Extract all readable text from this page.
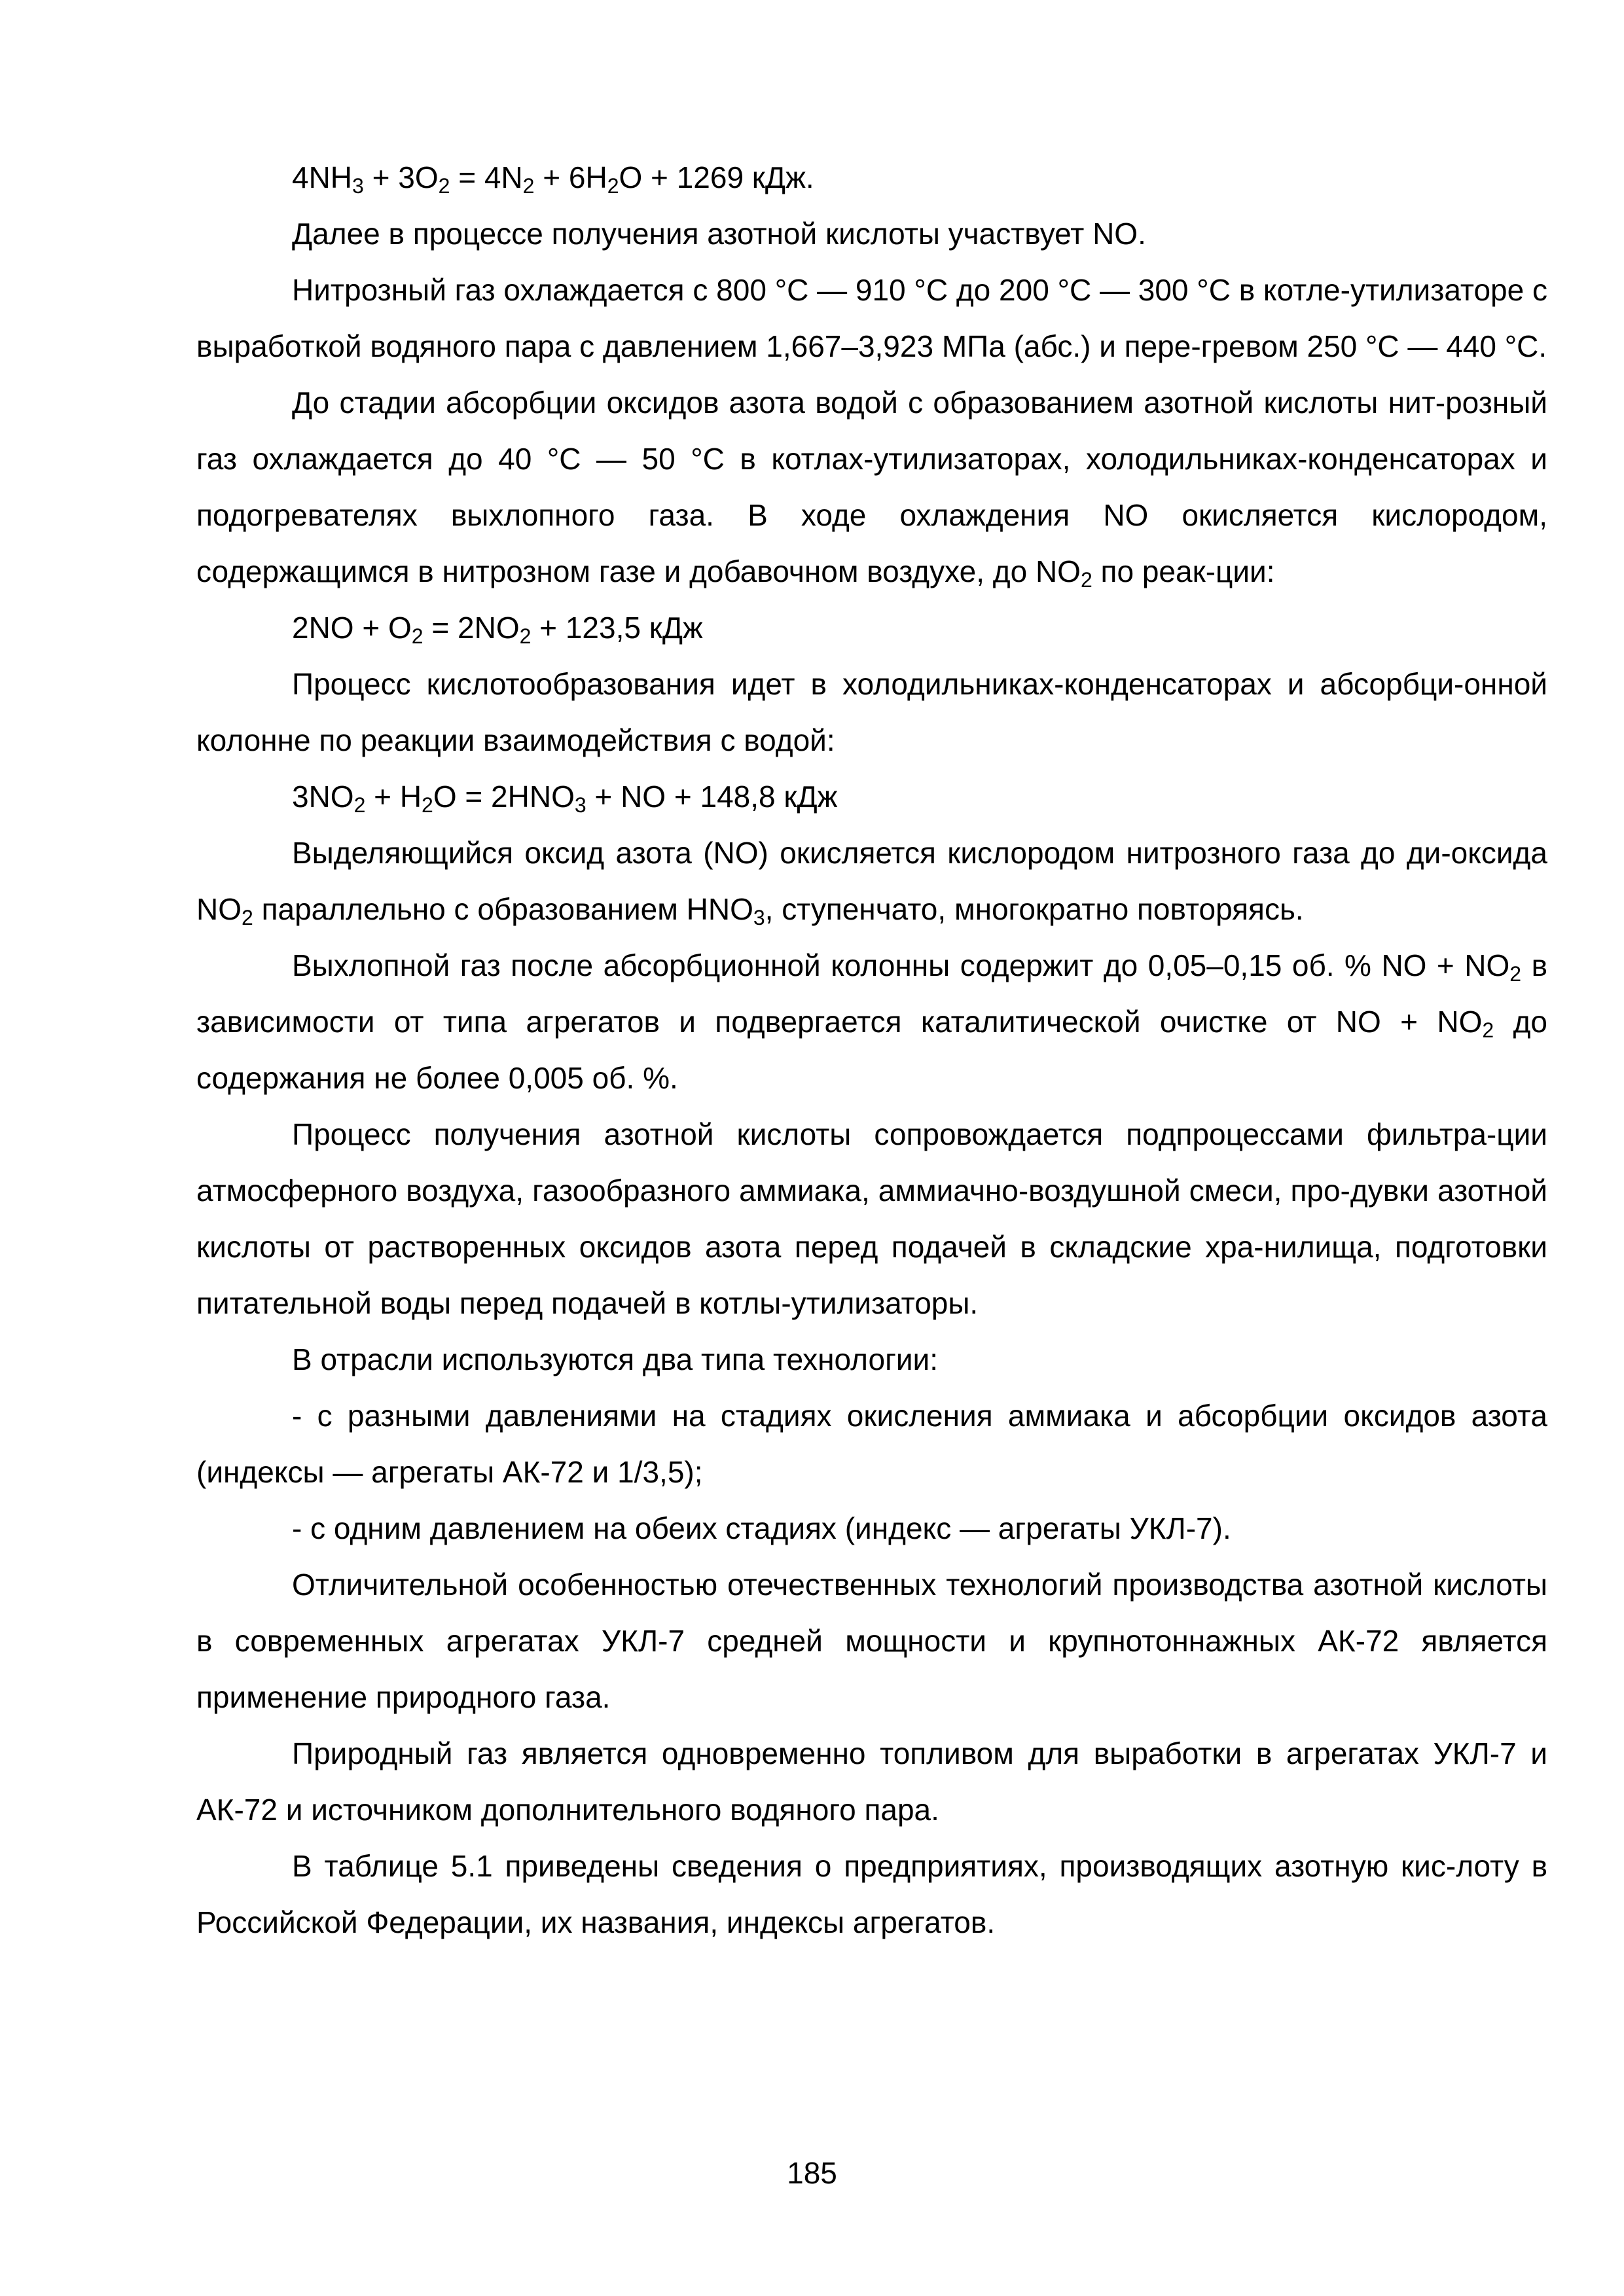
$4NH_3 + 3O_2 = 4N_2 + 6H_2O + 1269$ кДж.

Далее в процессе получения азотной кислоты участвует NO.

Нитрозный газ охлаждается с 800 °С — 910 °С до 200 °С — 300 °С в котле-утилизаторе с выработкой водяного пара с давлением 1,667–3,923 МПа (абс.) и пере-гревом 250 °С — 440 °С.

До стадии абсорбции оксидов азота водой с образованием азотной кислоты нит-розный газ охлаждается до 40 °С — 50 °С в котлах-утилизаторах, холодильниках-конденсаторах и подогревателях выхлопного газа. В ходе охлаждения NO окисляется кислородом, содержащимся в нитрозном газе и добавочном воздухе, до $NO_2$ по реак-ции:

$2NO + O_2 = 2NO_2 + 123,5$ кДж

Процесс кислотообразования идет в холодильниках-конденсаторах и абсорбци-онной колонне по реакции взаимодействия с водой:

$3NO_2 + H_2O = 2HNO_3$ + NO + 148,8 кДж

Выделяющийся оксид азота (NO) окисляется кислородом нитрозного газа до ди-оксида $NO_2$ параллельно с образованием $HNO_3$, ступенчато, многократно повторяясь.

Выхлопной газ после абсорбционной колонны содержит до 0,05–0,15 об. % NO + $NO_2$ в зависимости от типа агрегатов и подвергается каталитической очистке от NO + $NO_2$ до содержания не более 0,005 об. %.

Процесс получения азотной кислоты сопровождается подпроцессами фильтра-ции атмосферного воздуха, газообразного аммиака, аммиачно-воздушной смеси, про-дувки азотной кислоты от растворенных оксидов азота перед подачей в складские хра-нилища, подготовки питательной воды перед подачей в котлы-утилизаторы.

В отрасли используются два типа технологии:

- с разными давлениями на стадиях окисления аммиака и абсорбции оксидов азота (индексы — агрегаты АК-72 и 1/3,5);

- с одним давлением на обеих стадиях (индекс — агрегаты УКЛ-7).

Отличительной особенностью отечественных технологий производства азотной кислоты в современных агрегатах УКЛ-7 средней мощности и крупнотоннажных АК-72 является применение природного газа.

Природный газ является одновременно топливом для выработки в агрегатах УКЛ-7 и АК-72 и источником дополнительного водяного пара.

В таблице 5.1 приведены сведения о предприятиях, производящих азотную кис-лоту в Российской Федерации, их названия, индексы агрегатов.

185
